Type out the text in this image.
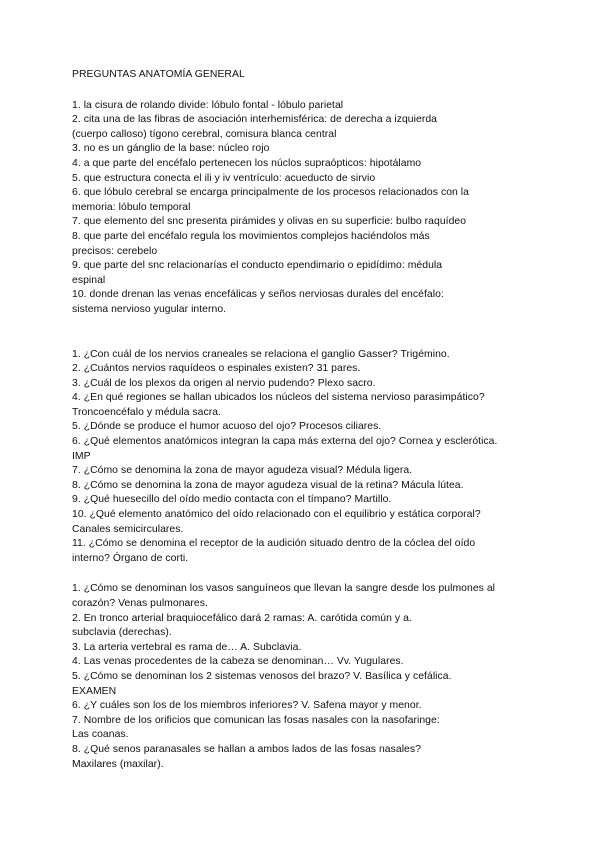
PREGUNTAS ANATOMÍA GENERAL
1. la cisura de rolando divide: lóbulo fontal - lóbulo parietal
2. cita una de las fibras de asociación interhemisférica: de derecha a izquierda
(cuerpo calloso) tígono cerebral, comisura blanca central
3. no es un gánglio de la base: núcleo rojo
4. a que parte del encéfalo pertenecen los núclos supraópticos: hipotálamo
5. que estructura conecta el ili y iv ventrículo: acueducto de sirvio
6. que lóbulo cerebral se encarga principalmente de los procesos relacionados con la
memoria: lóbulo temporal
7. que elemento del snc presenta pirámides y olivas en su superficie: bulbo raquídeo
8. que parte del encéfalo regula los movimientos complejos haciéndolos más
precisos: cerebelo
9. que parte del snc relacionarías el conducto ependimario o epidídimo: médula
espinal
10. donde drenan las venas encefálicas y seños nerviosas durales del encéfalo:
sistema nervioso yugular interno.
1. ¿Con cuál de los nervios craneales se relaciona el ganglio Gasser? Trigémino.
2. ¿Cuántos nervios raquídeos o espinales existen? 31 pares.
3. ¿Cuál de los plexos da origen al nervio pudendo? Plexo sacro.
4. ¿En qué regiones se hallan ubicados los núcleos del sistema nervioso parasimpático?
Troncoencéfalo y médula sacra.
5. ¿Dónde se produce el humor acuoso del ojo? Procesos ciliares.
6. ¿Qué elementos anatómicos integran la capa más externa del ojo? Cornea y esclerótica.
IMP
7. ¿Cómo se denomina la zona de mayor agudeza visual? Médula ligera.
8. ¿Cómo se denomina la zona de mayor agudeza visual de la retina? Mácula lútea.
9. ¿Qué huesecillo del oído medio contacta con el tímpano? Martillo.
10. ¿Qué elemento anatómico del oído relacionado con el equilibrio y estática corporal?
Canales semicirculares.
11. ¿Cómo se denomina el receptor de la audición situado dentro de la cóclea del oído
interno? Órgano de corti.
1. ¿Cómo se denominan los vasos sanguíneos que llevan la sangre desde los pulmones al
corazón? Venas pulmonares.
2. En tronco arterial braquiocefálico dará 2 ramas: A. carótida común y a.
subclavia (derechas).
3. La arteria vertebral es rama de… A. Subclavia.
4. Las venas procedentes de la cabeza se denominan… Vv. Yugulares.
5. ¿Cómo se denominan los 2 sistemas venosos del brazo? V. Basílica y cefálica.
EXAMEN
6. ¿Y cuáles son los de los miembros inferiores? V. Safena mayor y menor.
7. Nombre de los orificios que comunican las fosas nasales con la nasofaringe:
Las coanas.
8. ¿Qué senos paranasales se hallan a ambos lados de las fosas nasales?
Maxilares (maxilar).
